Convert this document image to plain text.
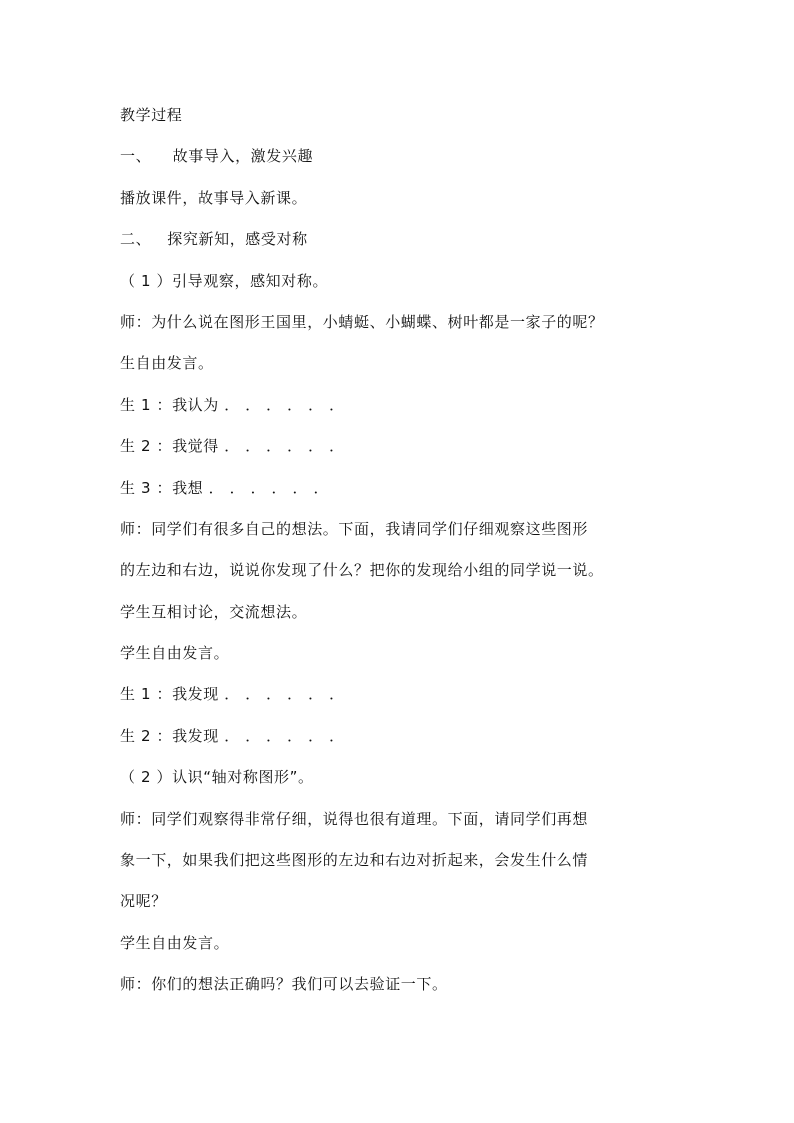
教学过程
一、    故事导入，激发兴趣
播放课件，故事导入新课。
二、   探究新知，感受对称
（ 1 ）引导观察，感知对称。
师：为什么说在图形王国里，小蜻蜓、小蝴蝶、树叶都是一家子的呢？
生自由发言。
生 1 ：我认为 ． ． ． ． ． ．
生 2 ：我觉得 ． ． ． ． ． ．
生 3 ：我想 ． ． ． ． ． ．
师：同学们有很多自己的想法。下面，我请同学们仔细观察这些图形
的左边和右边，说说你发现了什么？把你的发现给小组的同学说一说。
学生互相讨论，交流想法。
学生自由发言。
生 1 ：我发现 ． ． ． ． ． ．
生 2 ：我发现 ． ． ． ． ． ．
（ 2 ）认识“轴对称图形”。
师：同学们观察得非常仔细，说得也很有道理。下面，请同学们再想
象一下，如果我们把这些图形的左边和右边对折起来，会发生什么情
况呢？
学生自由发言。
师：你们的想法正确吗？我们可以去验证一下。
